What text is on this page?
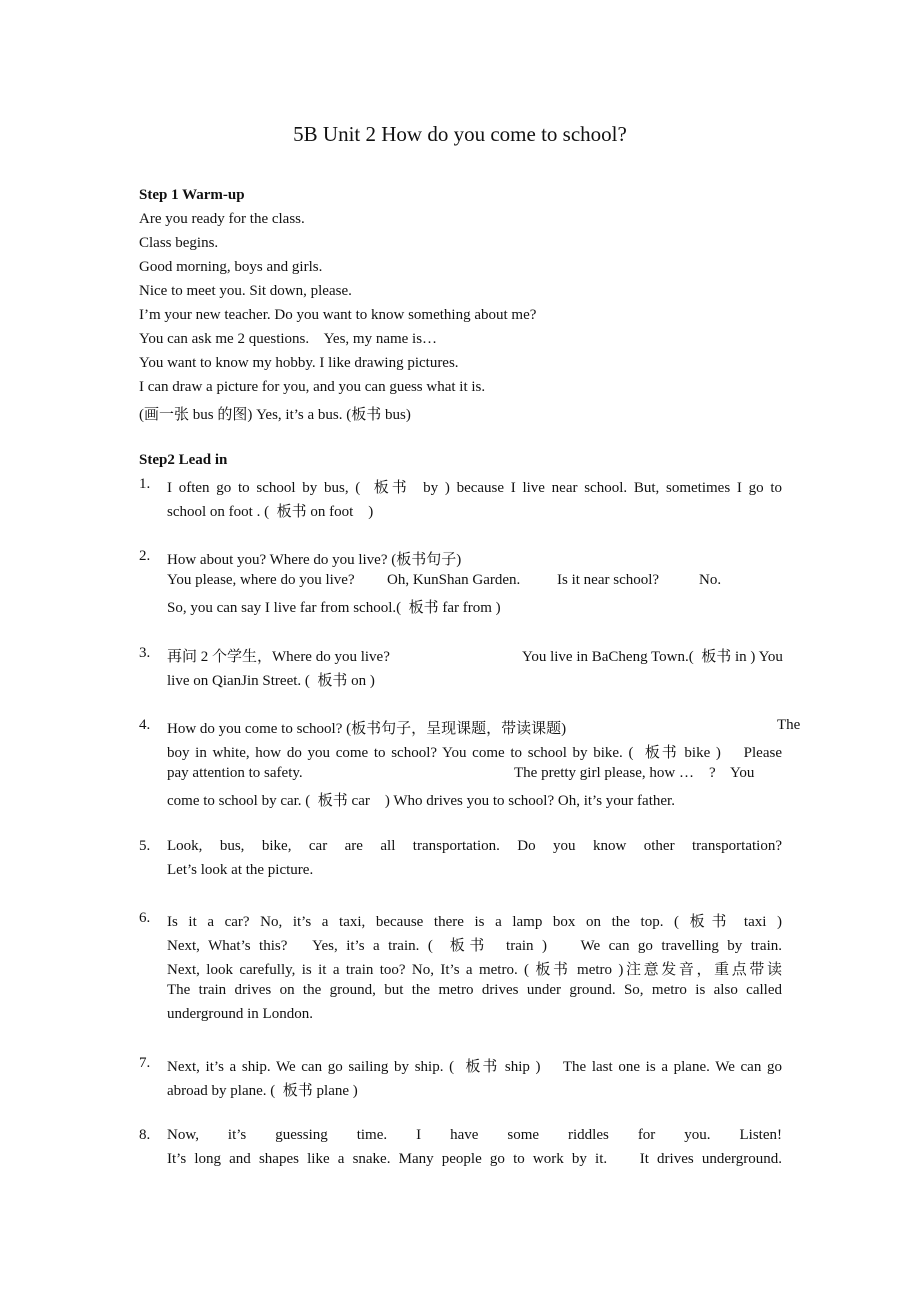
5B Unit 2 How do you come to school?
Step 1 Warm-up
Are you ready for the class.
Class begins.
Good morning, boys and girls.
Nice to meet you. Sit down, please.
I’m your new teacher. Do you want to know something about me?
You can ask me 2 questions.    Yes, my name is…
You want to know my hobby. I like drawing pictures.
I can draw a picture for you, and you can guess what it is.
(画一张 bus 的图) Yes, it’s a bus. (板书 bus)
Step2 Lead in
1. I often go to school by bus, (  板书  by ) because I live near school. But, sometimes I go to
school on foot . (  板书 on foot    )
2. How about you? Where do you live? (板书句子)
You please, where do you live? Oh, KunShan Garden. Is it near school?	No.
So, you can say I live far from school.(  板书 far from )
3. 再问 2 个学生，Where do you live?	You live in BaCheng Town.(  板书 in ) You
live on QianJin Street. (  板书 on )
4. How do you come to school? (板书句子，呈现课题，带读课题)	The
boy in white, how do you come to school? You come to school by bike. (  板书 bike )    Please
pay attention to safety.	The pretty girl please, how …    ?    You
come to school by car. (  板书 car    ) Who drives you to school? Oh, it’s your father.
5. Look, bus, bike, car are all transportation. Do you know other transportation?
Let’s look at the picture.
6. Is it a car? No, it’s a taxi, because there is a lamp box on the top. ( 板书 taxi )
Next, What’s this?   Yes, it’s a train. (  板书  train )    We can go travelling by train.
Next, look carefully, is it a train too? No, It’s a metro. ( 板书 metro )注意发音，重点带读
The train drives on the ground, but the metro drives under ground. So, metro is also called
underground in London.
7. Next, it’s a ship. We can go sailing by ship. (  板书 ship )    The last one is a plane. We can go
abroad by plane. (  板书 plane )
8. Now, it’s guessing time. I have some riddles for you. Listen!
It’s long and shapes like a snake. Many people go to work by it.    It drives underground.
